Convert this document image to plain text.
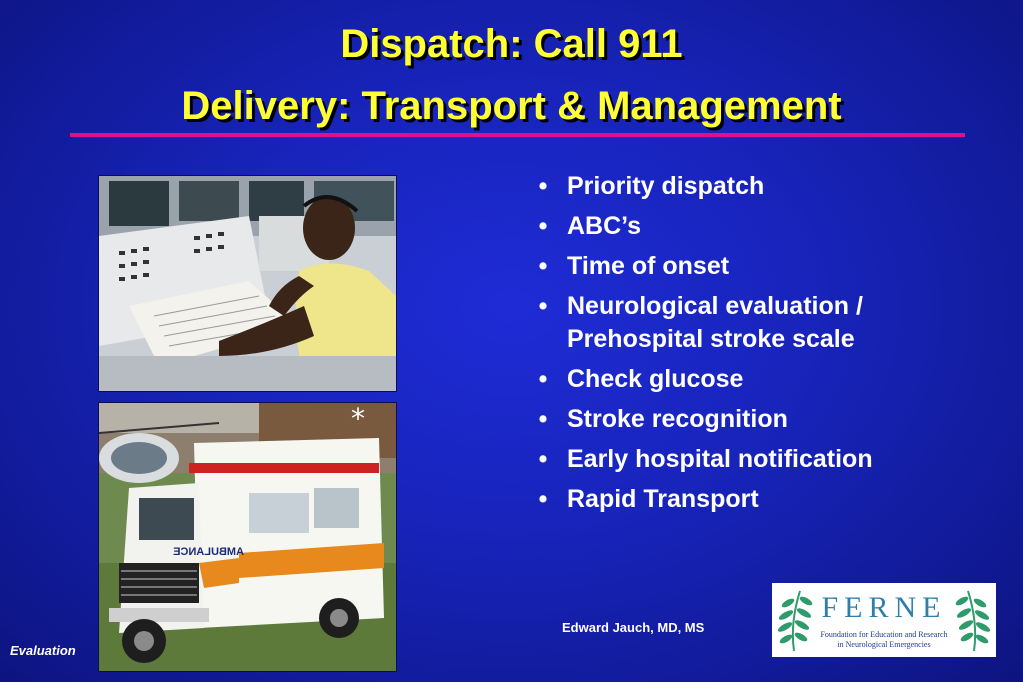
Dispatch: Call 911
Delivery: Transport & Management
AMBULANCE
*
• Priority dispatch
• ABC’s
• Time of onset
• Neurological evaluation / Prehospital stroke scale
• Check glucose
• Stroke recognition
• Early hospital notification
• Rapid Transport
Edward Jauch, MD, MS
Evaluation
FERNE
Foundation for Education and Research
in Neurological Emergencies
